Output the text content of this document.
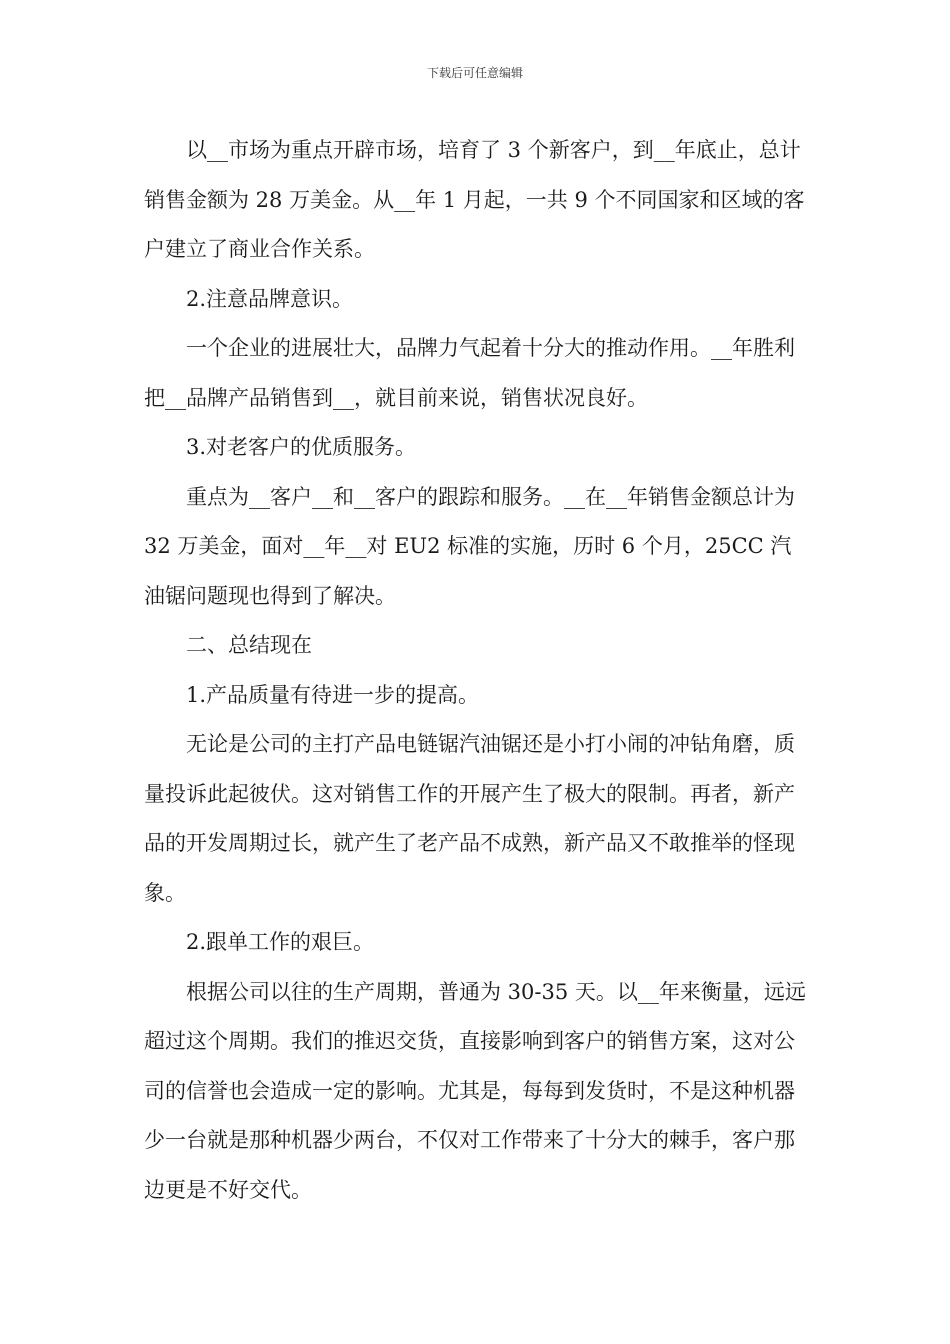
下载后可任意编辑

以__市场为重点开辟市场，培育了 3 个新客户，到__年底止，总计销售金额为 28 万美金。从__年 1 月起，一共 9 个不同国家和区域的客户建立了商业合作关系。

2.注意品牌意识。

一个企业的进展壮大，品牌力气起着十分大的推动作用。__年胜利把__品牌产品销售到__，就目前来说，销售状况良好。

3.对老客户的优质服务。

重点为__客户__和__客户的跟踪和服务。__在__年销售金额总计为 32 万美金，面对__年__对 EU2 标准的实施，历时 6 个月，25CC 汽油锯问题现也得到了解决。

二、总结现在

1.产品质量有待进一步的提高。

无论是公司的主打产品电链锯汽油锯还是小打小闹的冲钻角磨，质量投诉此起彼伏。这对销售工作的开展产生了极大的限制。再者，新产品的开发周期过长，就产生了老产品不成熟，新产品又不敢推举的怪现象。

2.跟单工作的艰巨。

根据公司以往的生产周期，普通为 30-35 天。以__年来衡量，远远超过这个周期。我们的推迟交货，直接影响到客户的销售方案，这对公司的信誉也会造成一定的影响。尤其是，每每到发货时，不是这种机器少一台就是那种机器少两台，不仅对工作带来了十分大的棘手，客户那边更是不好交代。
